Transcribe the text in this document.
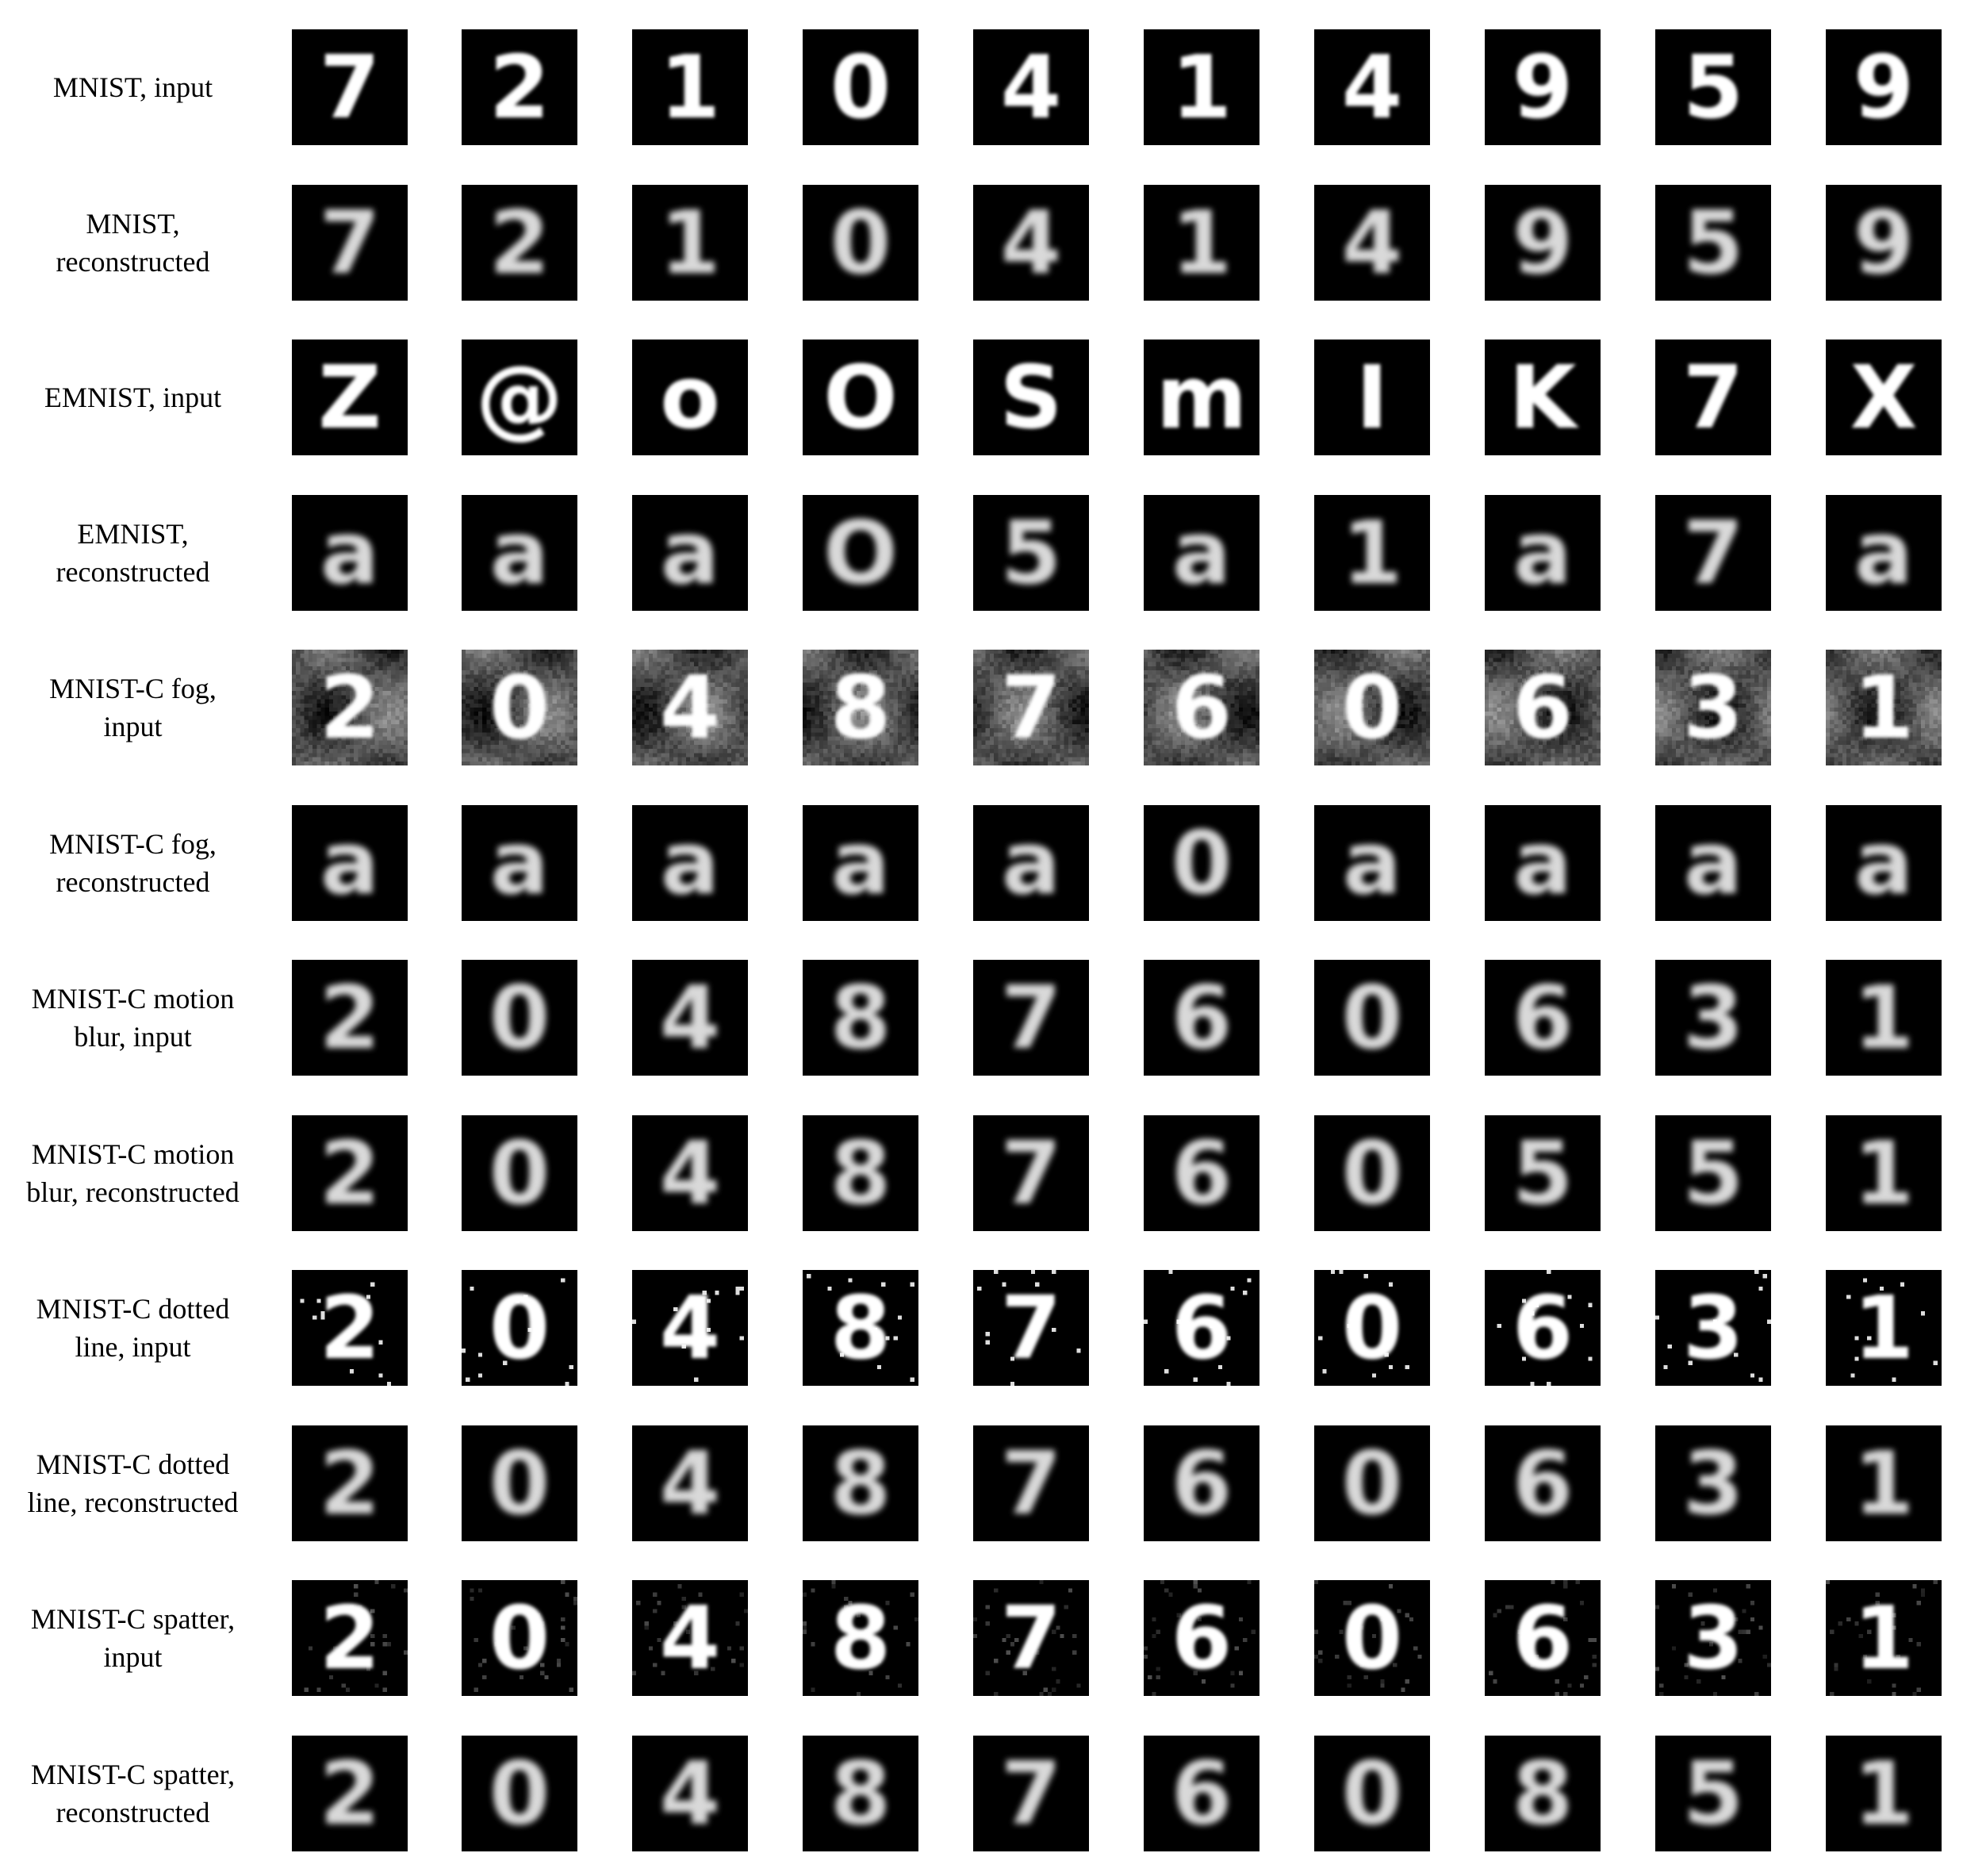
MNIST, input	7	2	1	0	4	1	4	9	5	9
MNIST,
reconstructed	7	2	1	0	4	1	4	9	5	9
EMNIST, input	Z	@	o	O	S	m	I	K	7	X
EMNIST,
reconstructed	a	a	a	O	5	a	1	a	7	a
MNIST-C fog,
input	2	0	4	8	7	6	0	6	3	1
MNIST-C fog,
reconstructed	a	a	a	a	a	0	a	a	a	a
MNIST-C motion
blur, input	2	0	4	8	7	6	0	6	3	1
MNIST-C motion
blur, reconstructed 2	0	4	8	7	6	0	5	5	1
MNIST-C dotted
line, input	2	0	4	8	7	6	0	6	3	1
MNIST-C dotted
line, reconstructed 2	0	4	8	7	6	0	6	3	1
MNIST-C spatter,
input	2	0	4	8	7	6	0	6	3	1
MNIST-C spatter,
reconstructed	2	0	4	8	7	6	0	8	5	1
